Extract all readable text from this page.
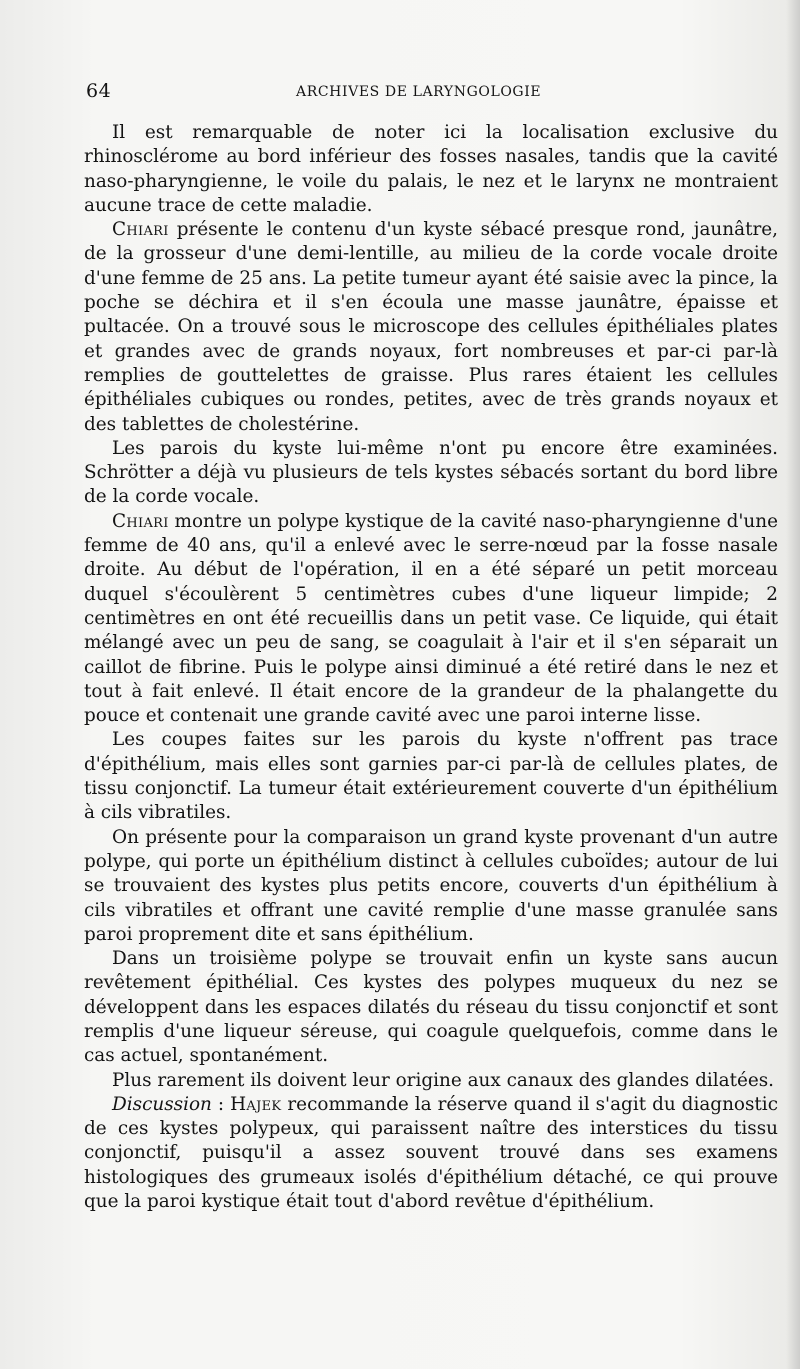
64	ARCHIVES DE LARYNGOLOGIE

Il est remarquable de noter ici la localisation exclusive du rhinosclérome au bord inférieur des fosses nasales, tandis que la cavité naso-pharyngienne, le voile du palais, le nez et le larynx ne montraient aucune trace de cette maladie.

Chiari présente le contenu d'un kyste sébacé presque rond, jaunâtre, de la grosseur d'une demi-lentille, au milieu de la corde vocale droite d'une femme de 25 ans. La petite tumeur ayant été saisie avec la pince, la poche se déchira et il s'en écoula une masse jaunâtre, épaisse et pultacée. On a trouvé sous le microscope des cellules épithéliales plates et grandes avec de grands noyaux, fort nombreuses et par-ci par-là remplies de gouttelettes de graisse. Plus rares étaient les cellules épithéliales cubiques ou rondes, petites, avec de très grands noyaux et des tablettes de cholestérine.

Les parois du kyste lui-même n'ont pu encore être examinées. Schrötter a déjà vu plusieurs de tels kystes sébacés sortant du bord libre de la corde vocale.

Chiari montre un polype kystique de la cavité naso-pharyngienne d'une femme de 40 ans, qu'il a enlevé avec le serre-nœud par la fosse nasale droite. Au début de l'opération, il en a été séparé un petit morceau duquel s'écoulèrent 5 centimètres cubes d'une liqueur limpide; 2 centimètres en ont été recueillis dans un petit vase. Ce liquide, qui était mélangé avec un peu de sang, se coagulait à l'air et il s'en séparait un caillot de fibrine. Puis le polype ainsi diminué a été retiré dans le nez et tout à fait enlevé. Il était encore de la grandeur de la phalangette du pouce et contenait une grande cavité avec une paroi interne lisse.

Les coupes faites sur les parois du kyste n'offrent pas trace d'épithélium, mais elles sont garnies par-ci par-là de cellules plates, de tissu conjonctif. La tumeur était extérieurement couverte d'un épithélium à cils vibratiles.

On présente pour la comparaison un grand kyste provenant d'un autre polype, qui porte un épithélium distinct à cellules cuboïdes; autour de lui se trouvaient des kystes plus petits encore, couverts d'un épithélium à cils vibratiles et offrant une cavité remplie d'une masse granulée sans paroi proprement dite et sans épithélium.

Dans un troisième polype se trouvait enfin un kyste sans aucun revêtement épithélial. Ces kystes des polypes muqueux du nez se développent dans les espaces dilatés du réseau du tissu conjonctif et sont remplis d'une liqueur séreuse, qui coagule quelquefois, comme dans le cas actuel, spontanément.

Plus rarement ils doivent leur origine aux canaux des glandes dilatées.

Discussion : Hajek recommande la réserve quand il s'agit du diagnostic de ces kystes polypeux, qui paraissent naître des interstices du tissu conjonctif, puisqu'il a assez souvent trouvé dans ses examens histologiques des grumeaux isolés d'épithélium détaché, ce qui prouve que la paroi kystique était tout d'abord revêtue d'épithélium.
